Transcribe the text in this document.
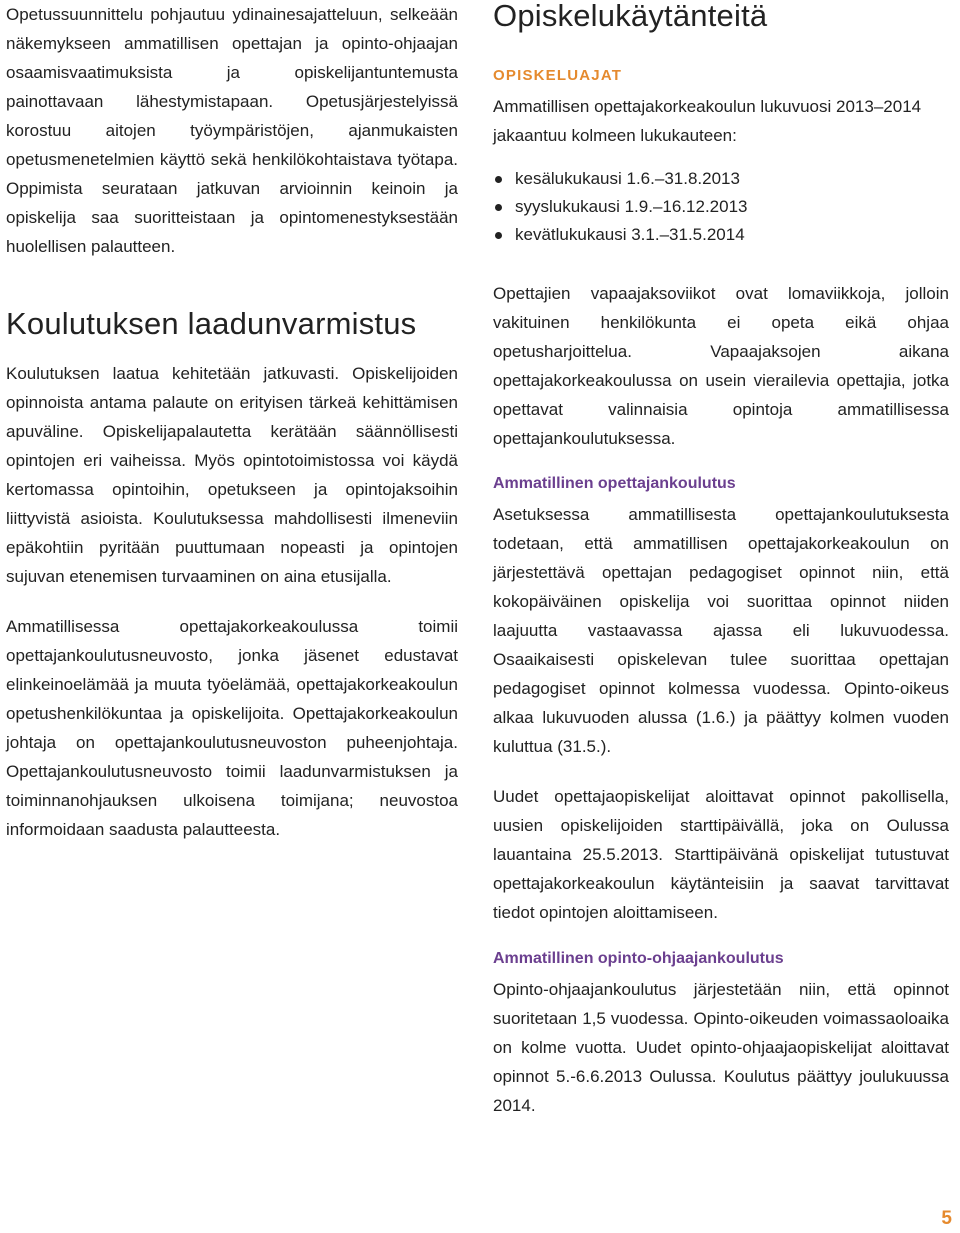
Opetussuunnittelu pohjautuu ydinainesajatteluun, selkeään näkemykseen ammatillisen opettajan ja opinto-ohjaajan osaamisvaatimuksista ja opiskelijantuntemusta painottavaan lähestymistapaan. Opetusjärjestelyissä korostuu aitojen työympäristöjen, ajanmukaisten opetusmenetelmien käyttö sekä henkilökohtaistava työtapa. Oppimista seurataan jatkuvan arvioinnin keinoin ja opiskelija saa suoritteistaan ja opintomenestyksestään huolellisen palautteen.

Koulutuksen laadunvarmistus

Koulutuksen laatua kehitetään jatkuvasti. Opiskelijoiden opinnoista antama palaute on erityisen tärkeä kehittämisen apuväline. Opiskelijapalautetta kerätään säännöllisesti opintojen eri vaiheissa. Myös opintotoimistossa voi käydä kertomassa opintoihin, opetukseen ja opintojaksoihin liittyvistä asioista. Koulutuksessa mahdollisesti ilmeneviin epäkohtiin pyritään puuttumaan nopeasti ja opintojen sujuvan etenemisen turvaaminen on aina etusijalla.

Ammatillisessa opettajakorkeakoulussa toimii opettajankoulutusneuvosto, jonka jäsenet edustavat elinkeinoelämää ja muuta työelämää, opettajakorkeakoulun opetushenkilökuntaa ja opiskelijoita. Opettajakorkeakoulun johtaja on opettajankoulutusneuvoston puheenjohtaja. Opettajankoulutusneuvosto toimii laadunvarmistuksen ja toiminnanohjauksen ulkoisena toimijana; neuvostoa informoidaan saadusta palautteesta.

Opiskelukäytänteitä
OPISKELUAJAT

Ammatillisen opettajakorkeakoulun lukuvuosi 2013–2014 jakaantuu kolmeen lukukauteen:

kesälukukausi 1.6.–31.8.2013
syyslukukausi 1.9.–16.12.2013
kevätlukukausi 3.1.–31.5.2014

Opettajien vapaajaksoviikot ovat lomaviikkoja, jolloin vakituinen henkilökunta ei opeta eikä ohjaa opetusharjoittelua. Vapaajaksojen aikana opettajakorkeakoulussa on usein vierailevia opettajia, jotka opettavat valinnaisia opintoja ammatillisessa opettajankoulutuksessa.

Ammatillinen opettajankoulutus

Asetuksessa ammatillisesta opettajankoulutuksesta todetaan, että ammatillisen opettajakorkeakoulun on järjestettävä opettajan pedagogiset opinnot niin, että kokopäiväinen opiskelija voi suorittaa opinnot niiden laajuutta vastaavassa ajassa eli lukuvuodessa. Osaaikaisesti opiskelevan tulee suorittaa opettajan pedagogiset opinnot kolmessa vuodessa. Opinto-oikeus alkaa lukuvuoden alussa (1.6.) ja päättyy kolmen vuoden kuluttua (31.5.).

Uudet opettajaopiskelijat aloittavat opinnot pakollisella, uusien opiskelijoiden starttipäivällä, joka on Oulussa lauantaina 25.5.2013. Starttipäivänä opiskelijat tutustuvat opettajakorkeakoulun käytänteisiin ja saavat tarvittavat tiedot opintojen aloittamiseen.

Ammatillinen opinto-ohjaajankoulutus

Opinto-ohjaajankoulutus järjestetään niin, että opinnot suoritetaan 1,5 vuodessa. Opinto-oikeuden voimassaoloaika on kolme vuotta. Uudet opinto-ohjaajaopiskelijat aloittavat opinnot 5.-6.6.2013 Oulussa. Koulutus päättyy joulukuussa 2014.

5
